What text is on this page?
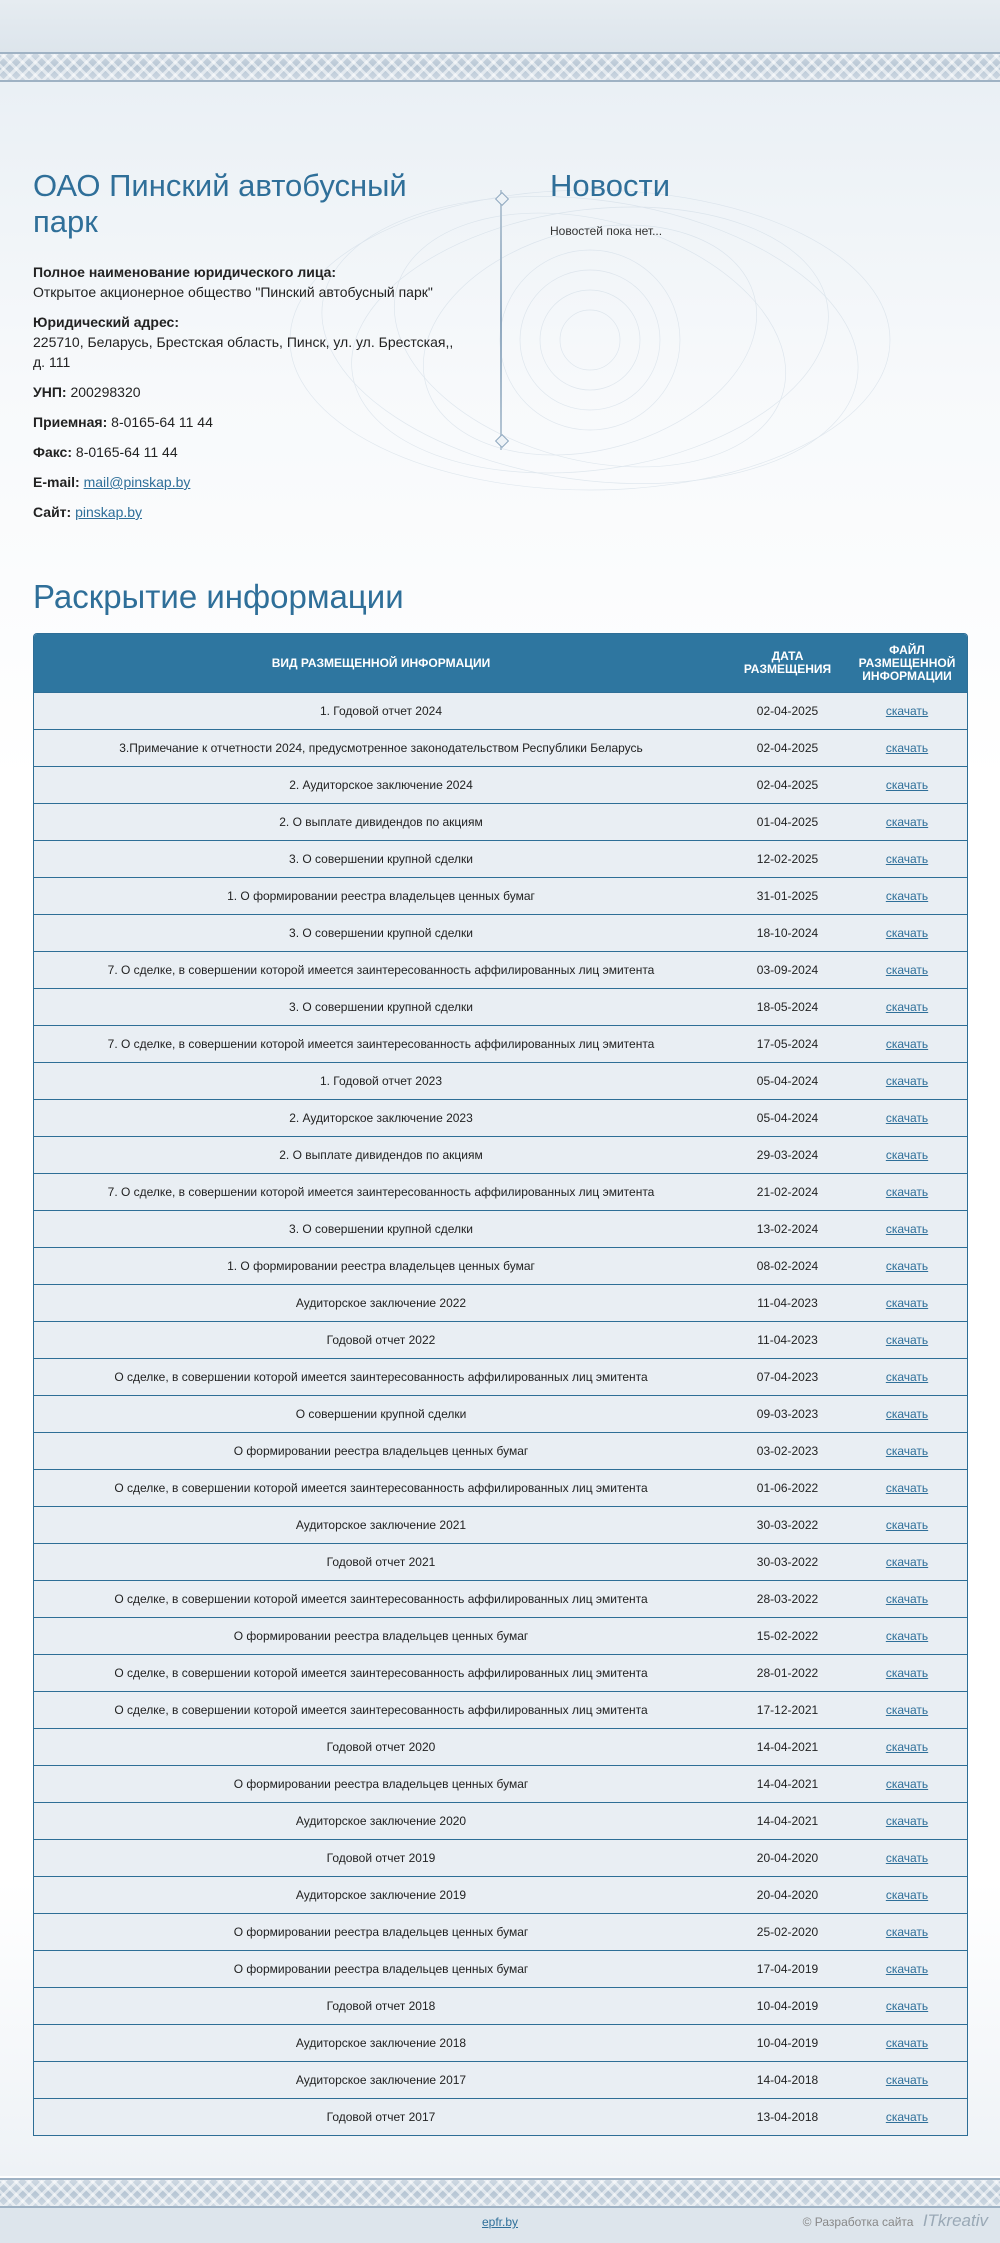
ОАО Пинский автобусный парк
Полное наименование юридического лица:
Открытое акционерное общество "Пинский автобусный парк"
Юридический адрес:
225710, Беларусь, Брестская область, Пинск, ул. ул. Брестская,, д. 111
УНП: 200298320
Приемная: 8-0165-64 11 44
Факс: 8-0165-64 11 44
E-mail: mail@pinskap.by
Сайт: pinskap.by
Новости

Новостей пока нет...

Раскрытие информации
ВИД РАЗМЕЩЕННОЙ ИНФОРМАЦИИ	ДАТА РАЗМЕЩЕНИЯ	ФАЙЛ РАЗМЕЩЕННОЙ ИНФОРМАЦИИ
1. Годовой отчет 2024	02-04-2025	скачать
3.Примечание к отчетности 2024, предусмотренное законодательством Республики Беларусь	02-04-2025	скачать
2. Аудиторское заключение 2024	02-04-2025	скачать
2. О выплате дивидендов по акциям	01-04-2025	скачать
3. О совершении крупной сделки	12-02-2025	скачать
1. О формировании реестра владельцев ценных бумаг	31-01-2025	скачать
3. О совершении крупной сделки	18-10-2024	скачать
7. О сделке, в совершении которой имеется заинтересованность аффилированных лиц эмитента	03-09-2024	скачать
3. О совершении крупной сделки	18-05-2024	скачать
7. О сделке, в совершении которой имеется заинтересованность аффилированных лиц эмитента	17-05-2024	скачать
1. Годовой отчет 2023	05-04-2024	скачать
2. Аудиторское заключение 2023	05-04-2024	скачать
2. О выплате дивидендов по акциям	29-03-2024	скачать
7. О сделке, в совершении которой имеется заинтересованность аффилированных лиц эмитента	21-02-2024	скачать
3. О совершении крупной сделки	13-02-2024	скачать
1. О формировании реестра владельцев ценных бумаг	08-02-2024	скачать
Аудиторское заключение 2022	11-04-2023	скачать
Годовой отчет 2022	11-04-2023	скачать
О сделке, в совершении которой имеется заинтересованность аффилированных лиц эмитента	07-04-2023	скачать
О совершении крупной сделки	09-03-2023	скачать
О формировании реестра владельцев ценных бумаг	03-02-2023	скачать
О сделке, в совершении которой имеется заинтересованность аффилированных лиц эмитента	01-06-2022	скачать
Аудиторское заключение 2021	30-03-2022	скачать
Годовой отчет 2021	30-03-2022	скачать
О сделке, в совершении которой имеется заинтересованность аффилированных лиц эмитента	28-03-2022	скачать
О формировании реестра владельцев ценных бумаг	15-02-2022	скачать
О сделке, в совершении которой имеется заинтересованность аффилированных лиц эмитента	28-01-2022	скачать
О сделке, в совершении которой имеется заинтересованность аффилированных лиц эмитента	17-12-2021	скачать
Годовой отчет 2020	14-04-2021	скачать
О формировании реестра владельцев ценных бумаг	14-04-2021	скачать
Аудиторское заключение 2020	14-04-2021	скачать
Годовой отчет 2019	20-04-2020	скачать
Аудиторское заключение 2019	20-04-2020	скачать
О формировании реестра владельцев ценных бумаг	25-02-2020	скачать
О формировании реестра владельцев ценных бумаг	17-04-2019	скачать
Годовой отчет 2018	10-04-2019	скачать
Аудиторское заключение 2018	10-04-2019	скачать
Аудиторское заключение 2017	14-04-2018	скачать
Годовой отчет 2017	13-04-2018	скачать
epfr.by	© Разработка сайта ITkreativ
